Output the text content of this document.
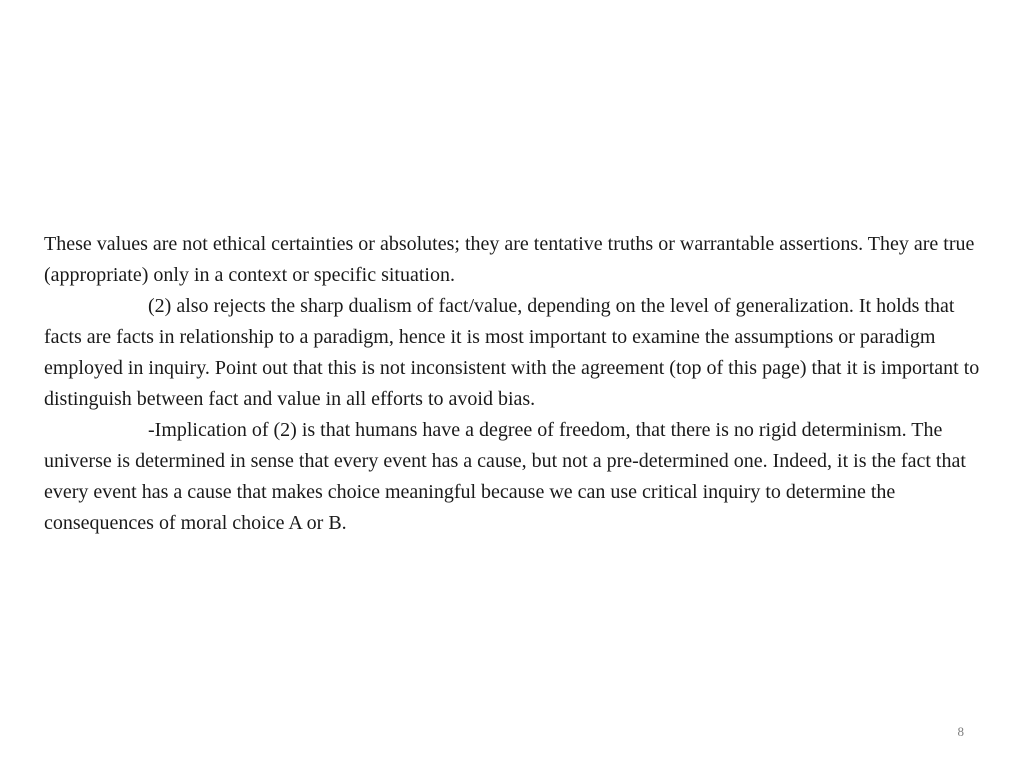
These values are not ethical certainties or absolutes; they are tentative truths or warrantable assertions. They are true (appropriate) only in a context or specific situation.

(2) also rejects the sharp dualism of fact/value, depending on the level of generalization. It holds that facts are facts in relationship to a paradigm, hence it is most important to examine the assumptions or paradigm employed in inquiry. Point out that this is not inconsistent with the agreement (top of this page) that it is important to distinguish between fact and value in all efforts to avoid bias.

-Implication of (2) is that humans have a degree of freedom, that there is no rigid determinism. The universe is determined in sense that every event has a cause, but not a pre-determined one. Indeed, it is the fact that every event has a cause that makes choice meaningful because we can use critical inquiry to determine the consequences of moral choice A or B.

8
